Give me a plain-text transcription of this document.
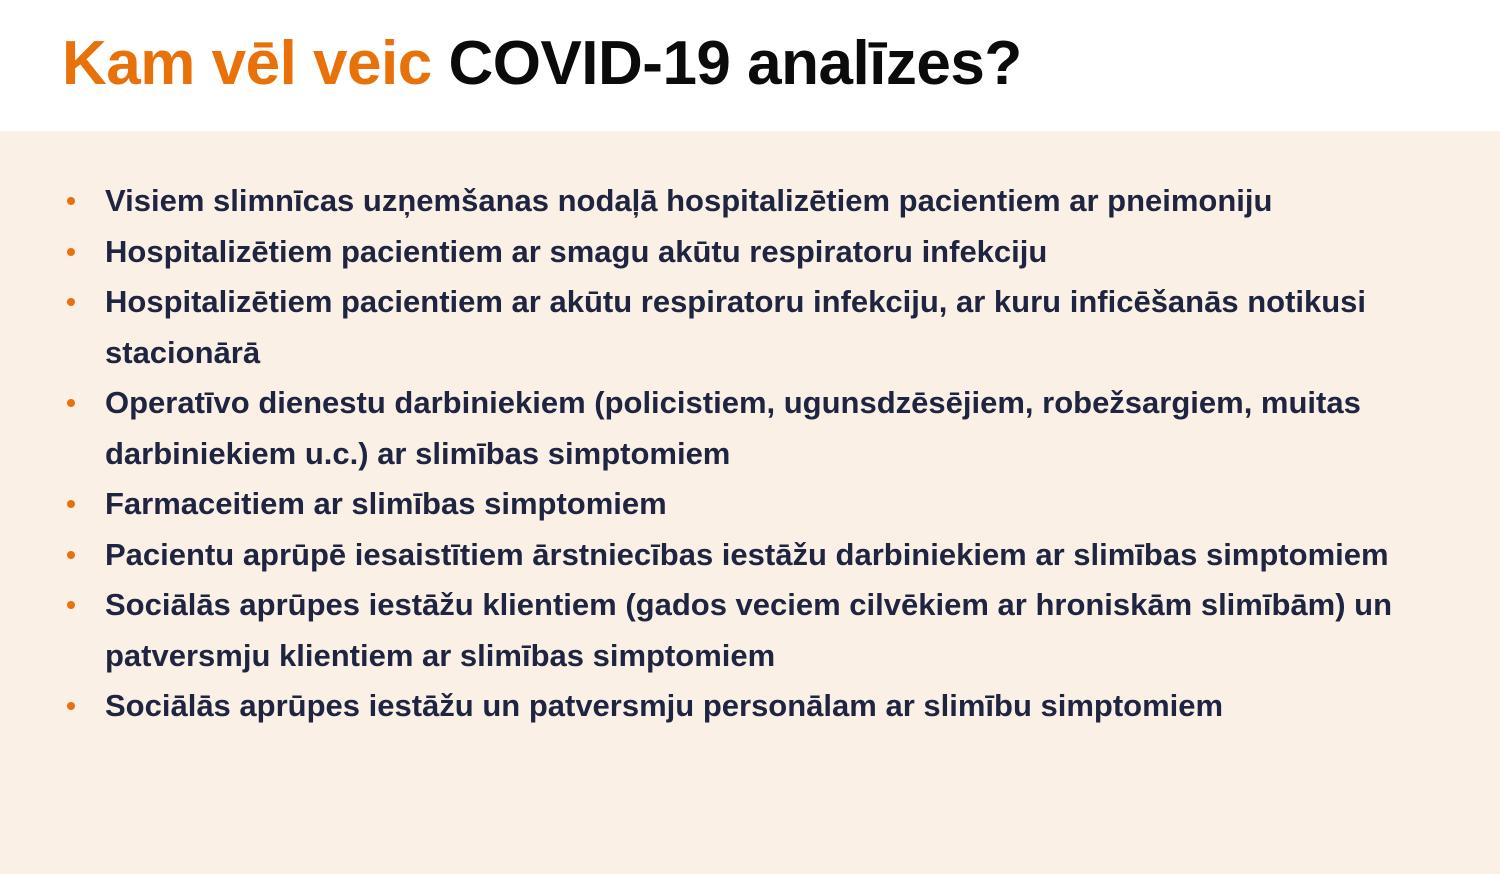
Kam vēl veic COVID-19 analīzes?
Visiem slimnīcas uzņemšanas nodaļā hospitalizētiem pacientiem ar pneimoniju
Hospitalizētiem pacientiem ar smagu akūtu respiratoru infekciju
Hospitalizētiem pacientiem ar akūtu respiratoru infekciju, ar kuru inficēšanās notikusi stacionārā
Operatīvo dienestu darbiniekiem (policistiem, ugunsdzēsējiem, robežsargiem, muitas darbiniekiem u.c.) ar slimības simptomiem
Farmaceitiem ar slimības simptomiem
Pacientu aprūpē iesaistītiem ārstniecības iestāžu darbiniekiem ar slimības simptomiem
Sociālās aprūpes iestāžu klientiem (gados veciem cilvēkiem ar hroniskām slimībām) un patversmju klientiem ar slimības simptomiem
Sociālās aprūpes iestāžu un patversmju personālam ar slimību simptomiem
